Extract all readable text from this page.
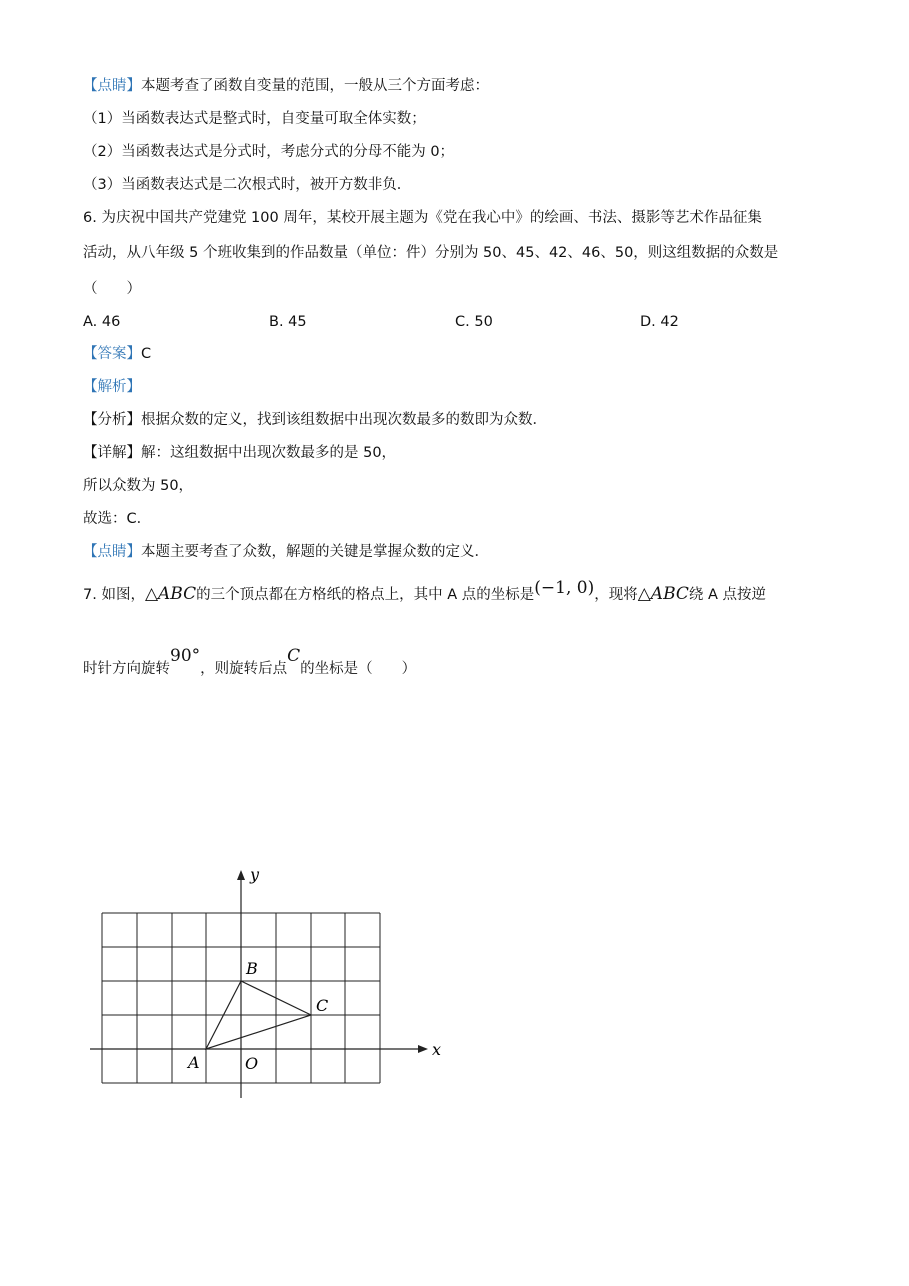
【点睛】本题考查了函数自变量的范围，一般从三个方面考虑：
（1）当函数表达式是整式时，自变量可取全体实数；
（2）当函数表达式是分式时，考虑分式的分母不能为 0；
（3）当函数表达式是二次根式时，被开方数非负．
6. 为庆祝中国共产党建党 100 周年，某校开展主题为《党在我心中》的绘画、书法、摄影等艺术作品征集
活动，从八年级 5 个班收集到的作品数量（单位：件）分别为 50、45、42、46、50，则这组数据的众数是
（　　）
A. 46	B. 45	C. 50	D. 42
【答案】C
【解析】
【分析】根据众数的定义，找到该组数据中出现次数最多的数即为众数．
【详解】解：这组数据中出现次数最多的是 50，
所以众数为 50，
故选：C．
【点睛】本题主要考查了众数，解题的关键是掌握众数的定义．
7. 如图，△ABC的三个顶点都在方格纸的格点上，其中 A 点的坐标是(−1, 0)，现将△ABC绕 A 点按逆
时针方向旋转90°，则旋转后点C的坐标是（　　）
x
y
A
B
C
O
